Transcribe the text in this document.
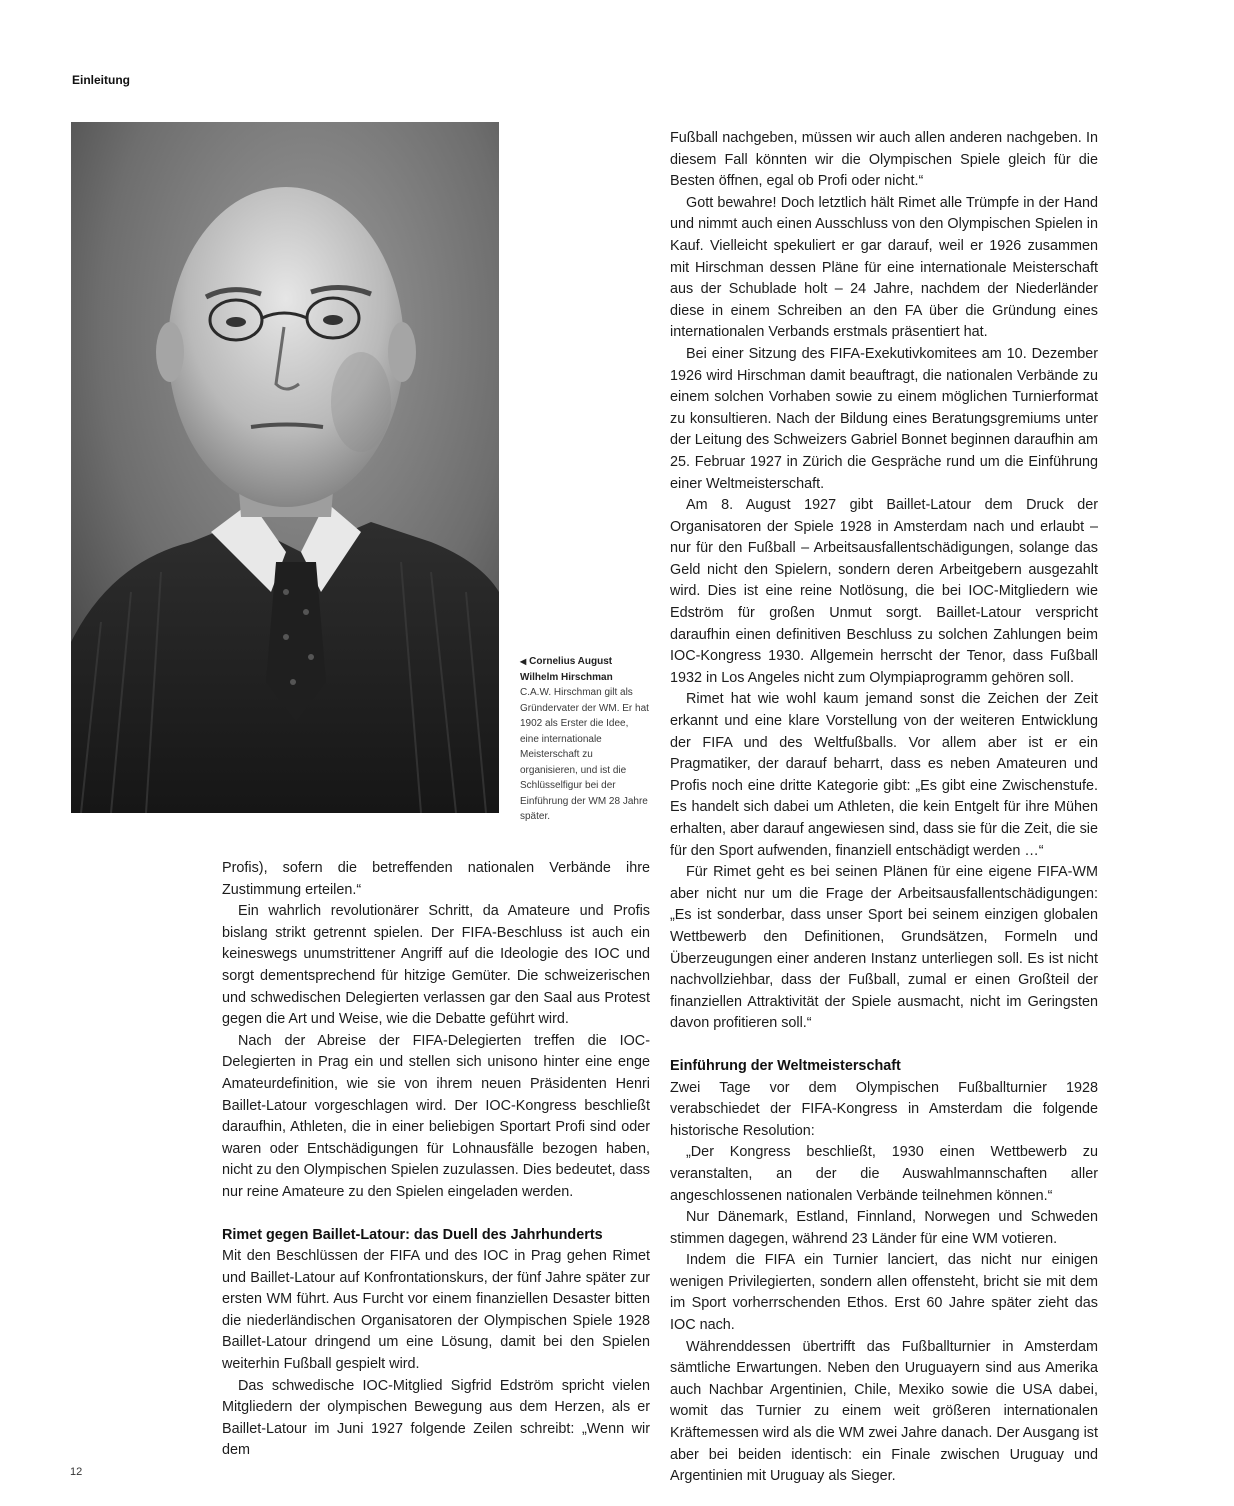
Einleitung
◀ Cornelius August
Wilhelm Hirschman
C.A.W. Hirschman gilt als Gründervater der WM. Er hat 1902 als Erster die Idee, eine internationale Meisterschaft zu organisieren, und ist die Schlüsselfigur bei der Einführung der WM 28 Jahre später.

Profis), sofern die betreffenden nationalen Verbände ihre Zustimmung erteilen.“

Ein wahrlich revolutionärer Schritt, da Amateure und Profis bislang strikt getrennt spielen. Der FIFA-Beschluss ist auch ein keineswegs unumstrittener Angriff auf die Ideologie des IOC und sorgt dementsprechend für hitzige Gemüter. Die schweizerischen und schwedischen Delegierten verlassen gar den Saal aus Protest gegen die Art und Weise, wie die Debatte geführt wird.

Nach der Abreise der FIFA-Delegierten treffen die IOC-Delegierten in Prag ein und stellen sich unisono hinter eine enge Amateurdefinition, wie sie von ihrem neuen Präsidenten Henri Baillet-Latour vorgeschlagen wird. Der IOC-Kongress beschließt daraufhin, Athleten, die in einer beliebigen Sportart Profi sind oder waren oder Entschädigungen für Lohnausfälle bezogen haben, nicht zu den Olympischen Spielen zuzulassen. Dies bedeutet, dass nur reine Amateure zu den Spielen eingeladen werden.

Rimet gegen Baillet-Latour: das Duell des Jahrhunderts

Mit den Beschlüssen der FIFA und des IOC in Prag gehen Rimet und Baillet-Latour auf Konfrontationskurs, der fünf Jahre später zur ersten WM führt. Aus Furcht vor einem finanziellen Desaster bitten die niederländischen Organisatoren der Olympischen Spiele 1928 Baillet-Latour dringend um eine Lösung, damit bei den Spielen weiterhin Fußball gespielt wird.

Das schwedische IOC-Mitglied Sigfrid Edström spricht vielen Mitgliedern der olympischen Bewegung aus dem Herzen, als er Baillet-Latour im Juni 1927 folgende Zeilen schreibt: „Wenn wir dem

Fußball nachgeben, müssen wir auch allen anderen nachgeben. In diesem Fall könnten wir die Olympischen Spiele gleich für die Besten öffnen, egal ob Profi oder nicht.“

Gott bewahre! Doch letztlich hält Rimet alle Trümpfe in der Hand und nimmt auch einen Ausschluss von den Olympischen Spielen in Kauf. Vielleicht spekuliert er gar darauf, weil er 1926 zusammen mit Hirschman dessen Pläne für eine internationale Meisterschaft aus der Schublade holt – 24 Jahre, nachdem der Niederländer diese in einem Schreiben an den FA über die Gründung eines internationalen Verbands erstmals präsentiert hat.

Bei einer Sitzung des FIFA-Exekutivkomitees am 10. Dezember 1926 wird Hirschman damit beauftragt, die nationalen Verbände zu einem solchen Vorhaben sowie zu einem möglichen Turnierformat zu konsultieren. Nach der Bildung eines Beratungsgremiums unter der Leitung des Schweizers Gabriel Bonnet beginnen daraufhin am 25. Februar 1927 in Zürich die Gespräche rund um die Einführung einer Weltmeisterschaft.

Am 8. August 1927 gibt Baillet-Latour dem Druck der Organisatoren der Spiele 1928 in Amsterdam nach und erlaubt – nur für den Fußball – Arbeitsausfallentschädigungen, solange das Geld nicht den Spielern, sondern deren Arbeitgebern ausgezahlt wird. Dies ist eine reine Notlösung, die bei IOC-Mitgliedern wie Edström für großen Unmut sorgt. Baillet-Latour verspricht daraufhin einen definitiven Beschluss zu solchen Zahlungen beim IOC-Kongress 1930. Allgemein herrscht der Tenor, dass Fußball 1932 in Los Angeles nicht zum Olympiaprogramm gehören soll.

Rimet hat wie wohl kaum jemand sonst die Zeichen der Zeit erkannt und eine klare Vorstellung von der weiteren Entwicklung der FIFA und des Weltfußballs. Vor allem aber ist er ein Pragmatiker, der darauf beharrt, dass es neben Amateuren und Profis noch eine dritte Kategorie gibt: „Es gibt eine Zwischenstufe. Es handelt sich dabei um Athleten, die kein Entgelt für ihre Mühen erhalten, aber darauf angewiesen sind, dass sie für die Zeit, die sie für den Sport aufwenden, finanziell entschädigt werden …“

Für Rimet geht es bei seinen Plänen für eine eigene FIFA-WM aber nicht nur um die Frage der Arbeitsausfallentschädigungen: „Es ist sonderbar, dass unser Sport bei seinem einzigen globalen Wettbewerb den Definitionen, Grundsätzen, Formeln und Überzeugungen einer anderen Instanz unterliegen soll. Es ist nicht nachvollziehbar, dass der Fußball, zumal er einen Großteil der finanziellen Attraktivität der Spiele ausmacht, nicht im Geringsten davon profitieren soll.“

Einführung der Weltmeisterschaft

Zwei Tage vor dem Olympischen Fußballturnier 1928 verabschiedet der FIFA-Kongress in Amsterdam die folgende historische Resolution:

„Der Kongress beschließt, 1930 einen Wettbewerb zu veranstalten, an der die Auswahlmannschaften aller angeschlossenen nationalen Verbände teilnehmen können.“

Nur Dänemark, Estland, Finnland, Norwegen und Schweden stimmen dagegen, während 23 Länder für eine WM votieren.

Indem die FIFA ein Turnier lanciert, das nicht nur einigen wenigen Privilegierten, sondern allen offensteht, bricht sie mit dem im Sport vorherrschenden Ethos. Erst 60 Jahre später zieht das IOC nach.

Währenddessen übertrifft das Fußballturnier in Amsterdam sämtliche Erwartungen. Neben den Uruguayern sind aus Amerika auch Nachbar Argentinien, Chile, Mexiko sowie die USA dabei, womit das Turnier zu einem weit größeren internationalen Kräftemessen wird als die WM zwei Jahre danach. Der Ausgang ist aber bei beiden identisch: ein Finale zwischen Uruguay und Argentinien mit Uruguay als Sieger.

12
